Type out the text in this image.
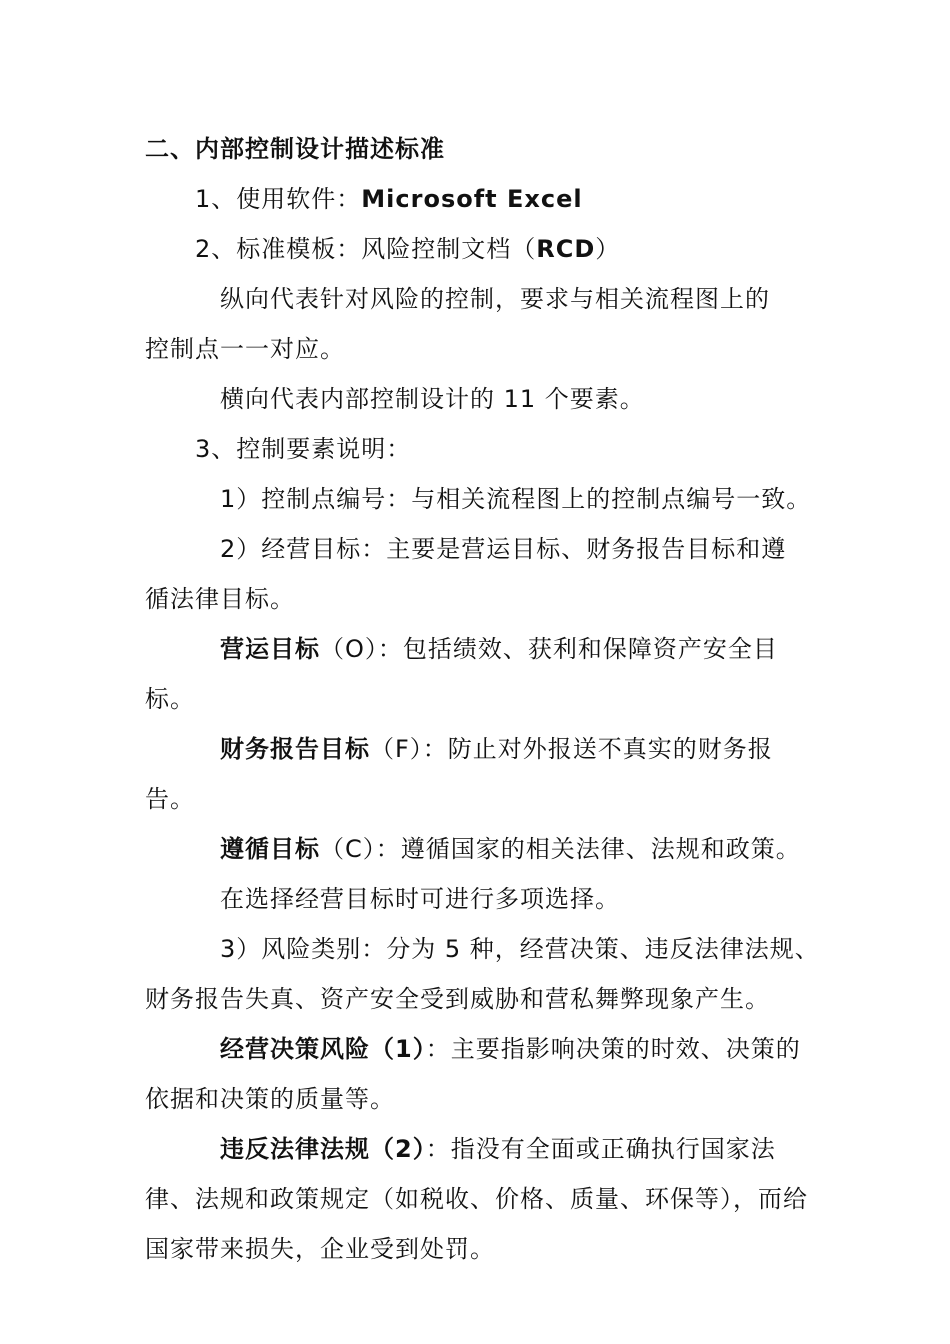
二、内部控制设计描述标准
1、使用软件：Microsoft Excel
2、标准模板：风险控制文档（RCD）
纵向代表针对风险的控制，要求与相关流程图上的
控制点一一对应。
横向代表内部控制设计的 11 个要素。
3、控制要素说明：
1）控制点编号：与相关流程图上的控制点编号一致。
2）经营目标：主要是营运目标、财务报告目标和遵
循法律目标。
营运目标（O）：包括绩效、获利和保障资产安全目
标。
财务报告目标（F）：防止对外报送不真实的财务报
告。
遵循目标（C）：遵循国家的相关法律、法规和政策。
在选择经营目标时可进行多项选择。
3）风险类别：分为 5 种，经营决策、违反法律法规、
财务报告失真、资产安全受到威胁和营私舞弊现象产生。
经营决策风险（1）：主要指影响决策的时效、决策的
依据和决策的质量等。
违反法律法规（2）：指没有全面或正确执行国家法
律、法规和政策规定（如税收、价格、质量、环保等），而给
国家带来损失，企业受到处罚。
